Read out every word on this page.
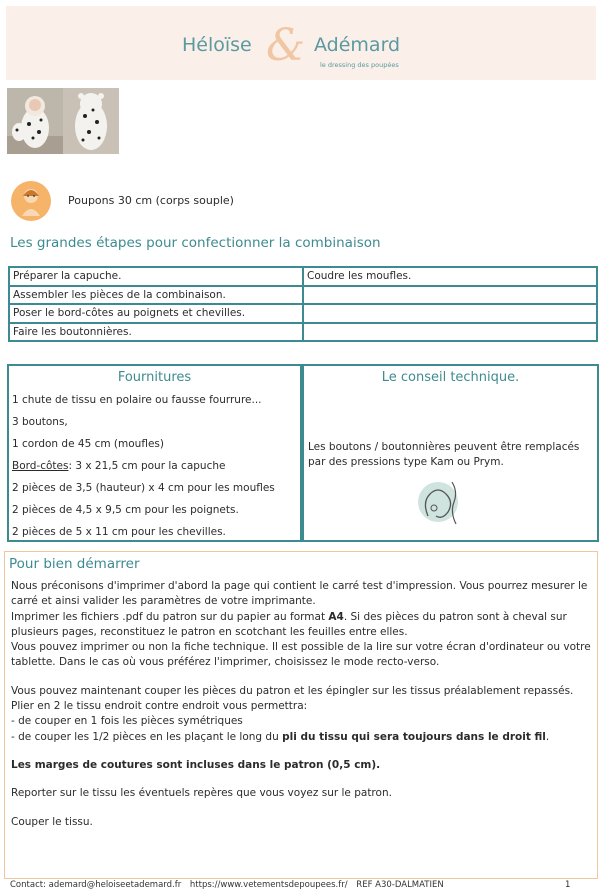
Héloïse & Adémard
le dressing des poupées
Poupons 30 cm (corps souple)
Les grandes étapes pour confectionner la combinaison
Préparer la capuche.	Coudre les moufles.
Assembler les pièces de la combinaison.	
Poser le bord-côtes au poignets et chevilles.	
Faire les boutonnières.	
Fournitures
1 chute de tissu en polaire ou fausse fourrure...
3 boutons,
1 cordon de 45 cm (moufles)
Bord-côtes: 3 x 21,5 cm pour la capuche
2 pièces de 3,5 (hauteur) x 4 cm pour les moufles
2 pièces de 4,5 x 9,5 cm pour les poignets.
2 pièces de 5 x 11 cm pour les chevilles.
Le conseil technique.
Les boutons / boutonnières peuvent être remplacés par des pressions type Kam ou Prym.
Pour bien démarrer

Nous préconisons d'imprimer d'abord la page qui contient le carré test d'impression. Vous pourrez mesurer le carré et ainsi valider les paramètres de votre imprimante.

Imprimer les fichiers .pdf du patron sur du papier au format A4. Si des pièces du patron sont à cheval sur plusieurs pages, reconstituez le patron en scotchant les feuilles entre elles.

Vous pouvez imprimer ou non la fiche technique. Il est possible de la lire sur votre écran d'ordinateur ou votre tablette. Dans le cas où vous préférez l'imprimer, choisissez le mode recto-verso.

Vous pouvez maintenant couper les pièces du patron et les épingler sur les tissus préalablement repassés.

Plier en 2 le tissu endroit contre endroit vous permettra:

- de couper en 1 fois les pièces symétriques

- de couper les 1/2 pièces en les plaçant le long du pli du tissu qui sera toujours dans le droit fil.

Les marges de coutures sont incluses dans le patron (0,5 cm).

Reporter sur le tissu les éventuels repères que vous voyez sur le patron.

Couper le tissu.

Contact: ademard@heloiseetademard.fr https://www.vetementsdepoupees.fr/ REF A30-DALMATIEN	1
